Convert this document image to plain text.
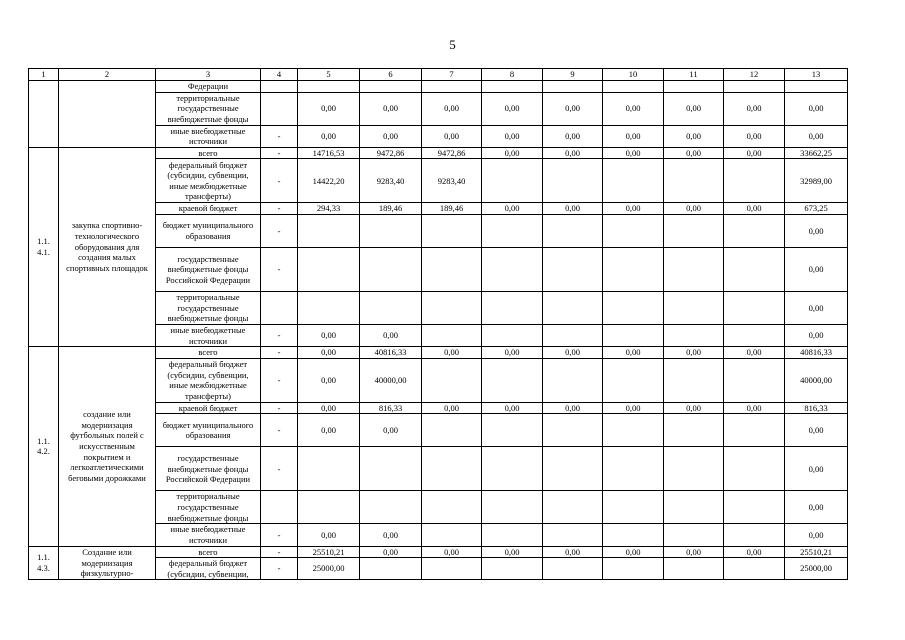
5
1	2	3	4	5	6	7	8	9	10	11	12	13
		Федерации										
		территориальные государственные внебюджетные фонды		0,00	0,00	0,00	0,00	0,00	0,00	0,00	0,00	0,00
		иные внебюджетные источники	-	0,00	0,00	0,00	0,00	0,00	0,00	0,00	0,00	0,00
1.1. 4.1.	закупка спортивно-технологического оборудования для создания малых спортивных площадок	всего	-	14716,53	9472,86	9472,86	0,00	0,00	0,00	0,00	0,00	33662,25
		федеральный бюджет (субсидии, субвенции, иные межбюджетные трансферты)	-	14422,20	9283,40	9283,40						32989,00
		краевой бюджет	-	294,33	189,46	189,46	0,00	0,00	0,00	0,00	0,00	673,25
		бюджет муниципального образования	-									0,00
		государственные внебюджетные фонды Российской Федерации	-									0,00
		территориальные государственные внебюджетные фонды										0,00
		иные внебюджетные источники	-	0,00	0,00							0,00
1.1. 4.2.	создание или модернизация футбольных полей с искусственным покрытием и легкоатлетическими беговыми дорожками	всего	-	0,00	40816,33	0,00	0,00	0,00	0,00	0,00	0,00	40816,33
		федеральный бюджет (субсидии, субвенции, иные межбюджетные трансферты)	-	0,00	40000,00							40000,00
		краевой бюджет	-	0,00	816,33	0,00	0,00	0,00	0,00	0,00	0,00	816,33
		бюджет муниципального образования	-	0,00	0,00							0,00
		государственные внебюджетные фонды Российской Федерации	-									0,00
		территориальные государственные внебюджетные фонды										0,00
		иные внебюджетные источники	-	0,00	0,00							0,00
1.1. 4.3.	Создание или модернизация физкультурно-	всего	-	25510,21	0,00	0,00	0,00	0,00	0,00	0,00	0,00	25510,21
		федеральный бюджет (субсидии, субвенции,	-	25000,00								25000,00
